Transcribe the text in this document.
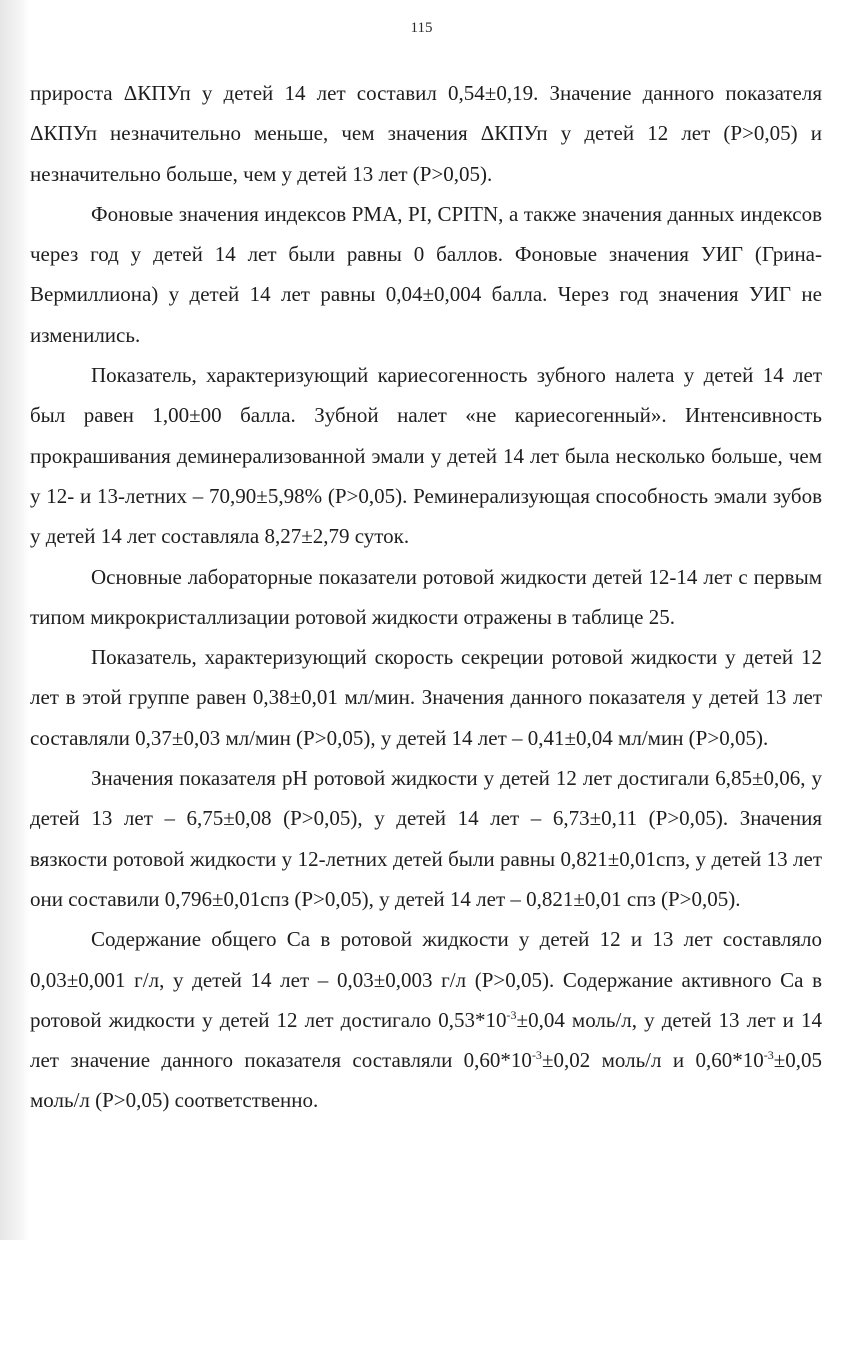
115

прироста ΔКПУп у детей 14 лет составил 0,54±0,19. Значение данного показателя ΔКПУп незначительно меньше, чем значения ΔКПУп у детей 12 лет (Р>0,05) и незначительно больше, чем у детей 13 лет (Р>0,05).

Фоновые значения индексов РМА, PI, CPITN, а также значения данных индексов через год у детей 14 лет были равны 0 баллов. Фоновые значения УИГ (Грина-Вермиллиона) у детей 14 лет равны 0,04±0,004 балла. Через год значения УИГ не изменились.

Показатель, характеризующий кариесогенность зубного налета у детей 14 лет был равен 1,00±00 балла. Зубной налет «не кариесогенный». Интенсивность прокрашивания деминерализованной эмали у детей 14 лет была несколько больше, чем у 12- и 13-летних – 70,90±5,98% (Р>0,05). Реминерализующая способность эмали зубов у детей 14 лет составляла 8,27±2,79 суток.

Основные лабораторные показатели ротовой жидкости детей 12-14 лет с первым типом микрокристаллизации ротовой жидкости отражены в таблице 25.

Показатель, характеризующий скорость секреции ротовой жидкости у детей 12 лет в этой группе равен 0,38±0,01 мл/мин. Значения данного показателя у детей 13 лет составляли 0,37±0,03 мл/мин (Р>0,05), у детей 14 лет – 0,41±0,04 мл/мин (Р>0,05).

Значения показателя pH ротовой жидкости у детей 12 лет достигали 6,85±0,06, у детей 13 лет – 6,75±0,08 (Р>0,05), у детей 14 лет – 6,73±0,11 (Р>0,05). Значения вязкости ротовой жидкости у 12-летних детей были равны 0,821±0,01спз, у детей 13 лет они составили 0,796±0,01спз (Р>0,05), у детей 14 лет – 0,821±0,01 спз (Р>0,05).

Содержание общего Са в ротовой жидкости у детей 12 и 13 лет составляло 0,03±0,001 г/л, у детей 14 лет – 0,03±0,003 г/л (Р>0,05). Содержание активного Са в ротовой жидкости у детей 12 лет достигало $0,53*10^{-3}\pm 0,04$ моль/л, у детей 13 лет и 14 лет значение данного показателя составляли $0,60*10^{-3}\pm 0,02$ моль/л и $0,60*10^{-3}\pm 0,05$ моль/л (Р>0,05) соответственно.
